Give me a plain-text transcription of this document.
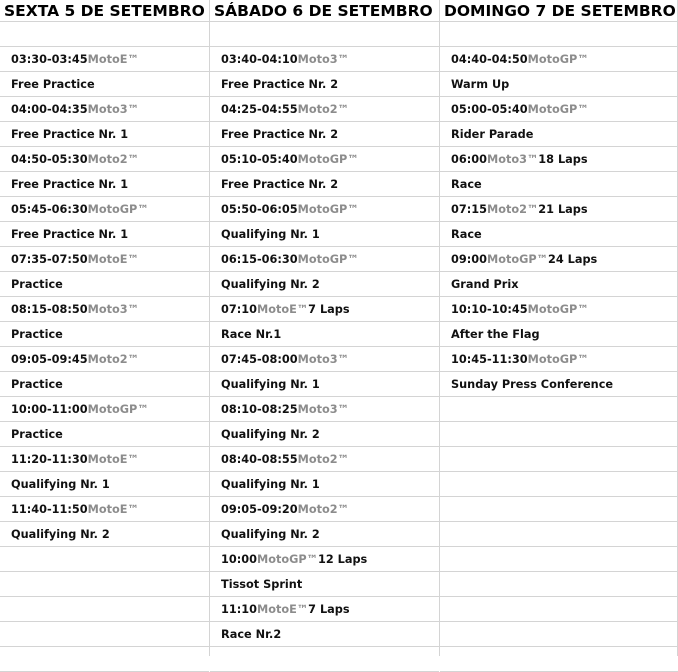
SEXTA 5 DE SETEMBRO
03:30-03:45MotoE™
Free Practice
04:00-04:35Moto3™
Free Practice Nr. 1
04:50-05:30Moto2™
Free Practice Nr. 1
05:45-06:30MotoGP™
Free Practice Nr. 1
07:35-07:50MotoE™
Practice
08:15-08:50Moto3™
Practice
09:05-09:45Moto2™
Practice
10:00-11:00MotoGP™
Practice
11:20-11:30MotoE™
Qualifying Nr. 1
11:40-11:50MotoE™
Qualifying Nr. 2
SÁBADO 6 DE SETEMBRO
03:40-04:10Moto3™
Free Practice Nr. 2
04:25-04:55Moto2™
Free Practice Nr. 2
05:10-05:40MotoGP™
Free Practice Nr. 2
05:50-06:05MotoGP™
Qualifying Nr. 1
06:15-06:30MotoGP™
Qualifying Nr. 2
07:10MotoE™7 Laps
Race Nr.1
07:45-08:00Moto3™
Qualifying Nr. 1
08:10-08:25Moto3™
Qualifying Nr. 2
08:40-08:55Moto2™
Qualifying Nr. 1
09:05-09:20Moto2™
Qualifying Nr. 2
10:00MotoGP™12 Laps
Tissot Sprint
11:10MotoE™7 Laps
Race Nr.2
DOMINGO 7 DE SETEMBRO
04:40-04:50MotoGP™
Warm Up
05:00-05:40MotoGP™
Rider Parade
06:00Moto3™18 Laps
Race
07:15Moto2™21 Laps
Race
09:00MotoGP™24 Laps
Grand Prix
10:10-10:45MotoGP™
After the Flag
10:45-11:30MotoGP™
Sunday Press Conference
